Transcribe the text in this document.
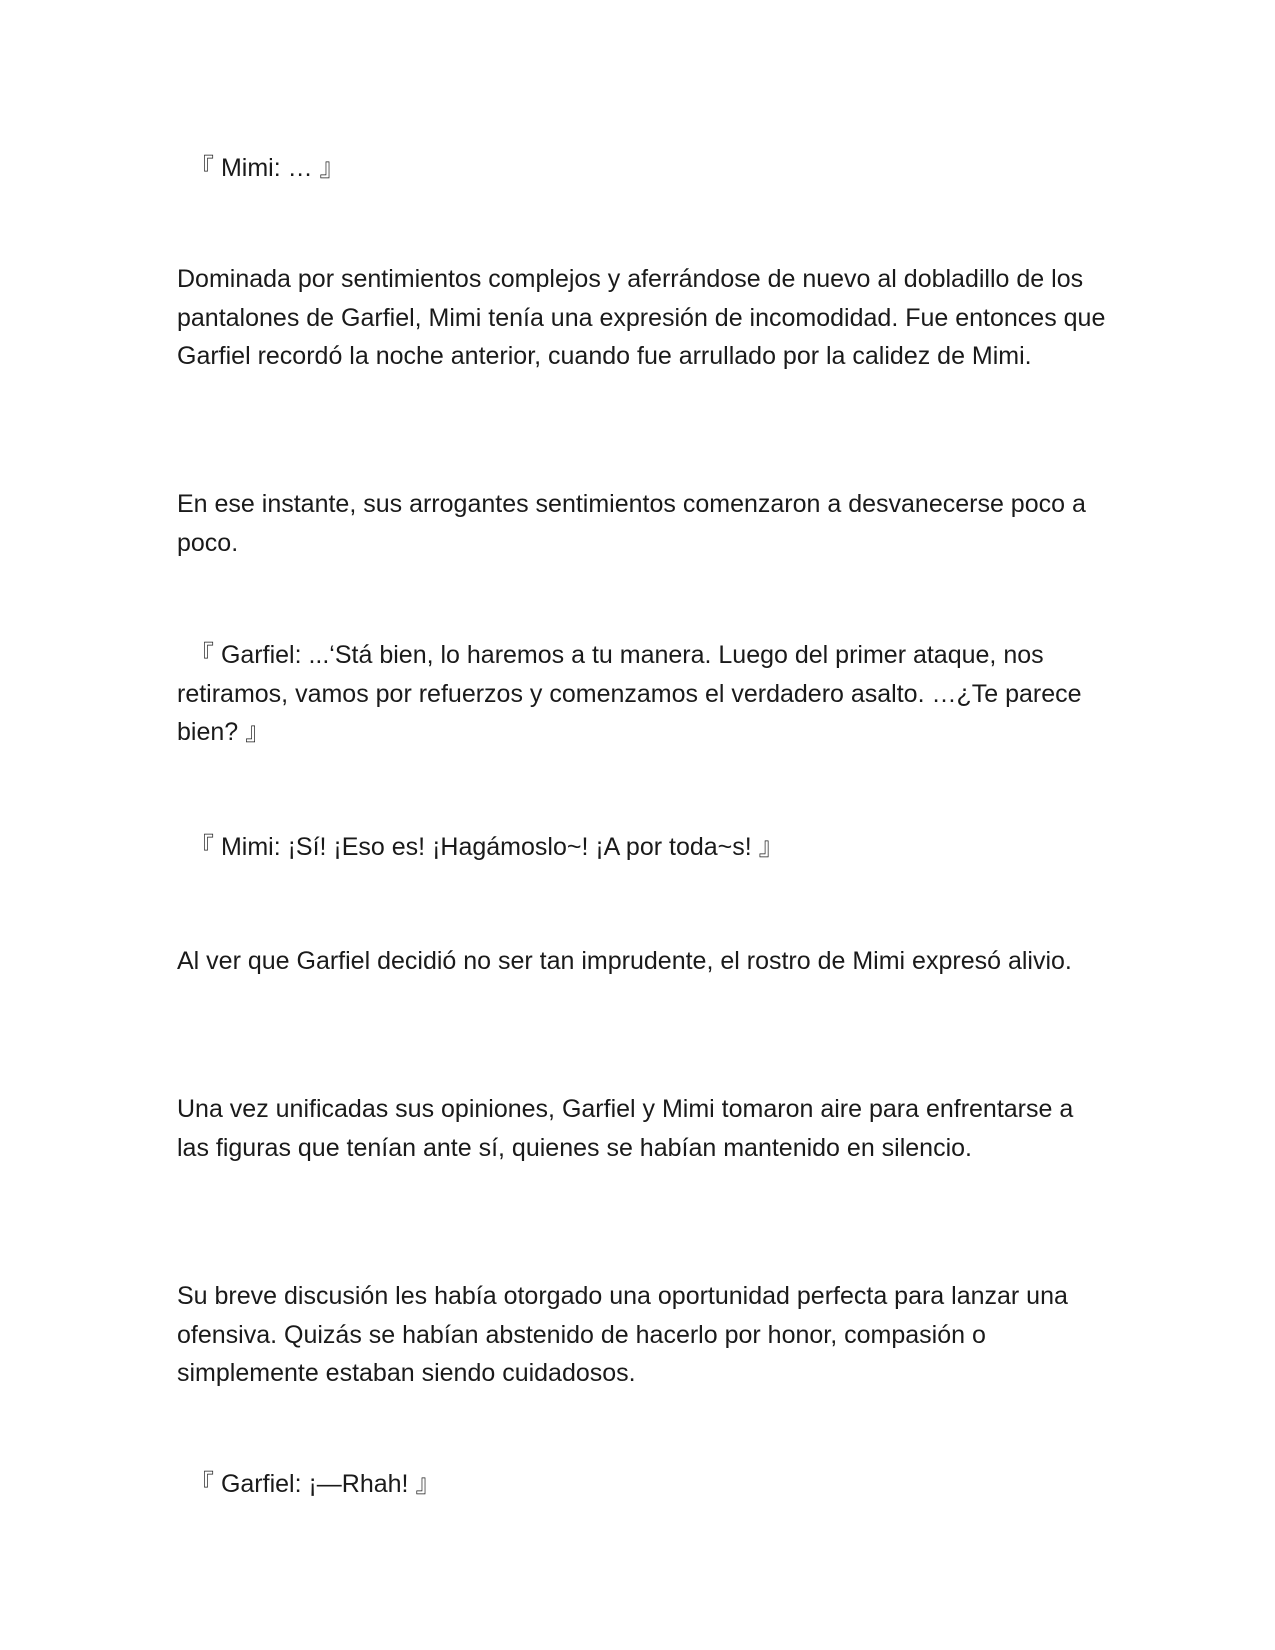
『 Mimi: … 』

Dominada por sentimientos complejos y aferrándose de nuevo al dobladillo de los pantalones de Garfiel, Mimi tenía una expresión de incomodidad. Fue entonces que Garfiel recordó la noche anterior, cuando fue arrullado por la calidez de Mimi.

En ese instante, sus arrogantes sentimientos comenzaron a desvanecerse poco a poco.

『 Garfiel: ...‘Stá bien, lo haremos a tu manera. Luego del primer ataque, nos retiramos, vamos por refuerzos y comenzamos el verdadero asalto. …¿Te parece bien? 』

『 Mimi: ¡Sí! ¡Eso es! ¡Hagámoslo~! ¡A por toda~s! 』

Al ver que Garfiel decidió no ser tan imprudente, el rostro de Mimi expresó alivio.

Una vez unificadas sus opiniones, Garfiel y Mimi tomaron aire para enfrentarse a las figuras que tenían ante sí, quienes se habían mantenido en silencio.

Su breve discusión les había otorgado una oportunidad perfecta para lanzar una ofensiva. Quizás se habían abstenido de hacerlo por honor, compasión o simplemente estaban siendo cuidadosos.

『 Garfiel: ¡—Rhah! 』
